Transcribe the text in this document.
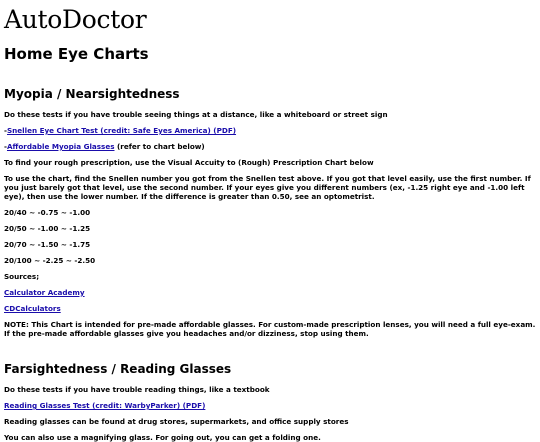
AutoDoctor
Home Eye Charts
Myopia / Nearsightedness

Do these tests if you have trouble seeing things at a distance, like a whiteboard or street sign

-Snellen Eye Chart Test (credit: Safe Eyes America) (PDF)

-Affordable Myopia Glasses (refer to chart below)

To find your rough prescription, use the Visual Accuity to (Rough) Prescription Chart below

To use the chart, find the Snellen number you got from the Snellen test above. If you got that level easily, use the first number. If you just barely got that level, use the second number. If your eyes give you different numbers (ex, -1.25 right eye and -1.00 left eye), then use the lower number. If the difference is greater than 0.50, see an optometrist.

20/40 ~ -0.75 ~ -1.00

20/50 ~ -1.00 ~ -1.25

20/70 ~ -1.50 ~ -1.75

20/100 ~ -2.25 ~ -2.50

Sources;

Calculator Academy

CDCalculators

NOTE: This Chart is intended for pre-made affordable glasses. For custom-made prescription lenses, you will need a full eye-exam. If the pre-made affordable glasses give you headaches and/or dizziness, stop using them.

Farsightedness / Reading Glasses

Do these tests if you have trouble reading things, like a textbook

Reading Glasses Test (credit: WarbyParker) (PDF)

Reading glasses can be found at drug stores, supermarkets, and office supply stores

You can also use a magnifying glass. For going out, you can get a folding one.
